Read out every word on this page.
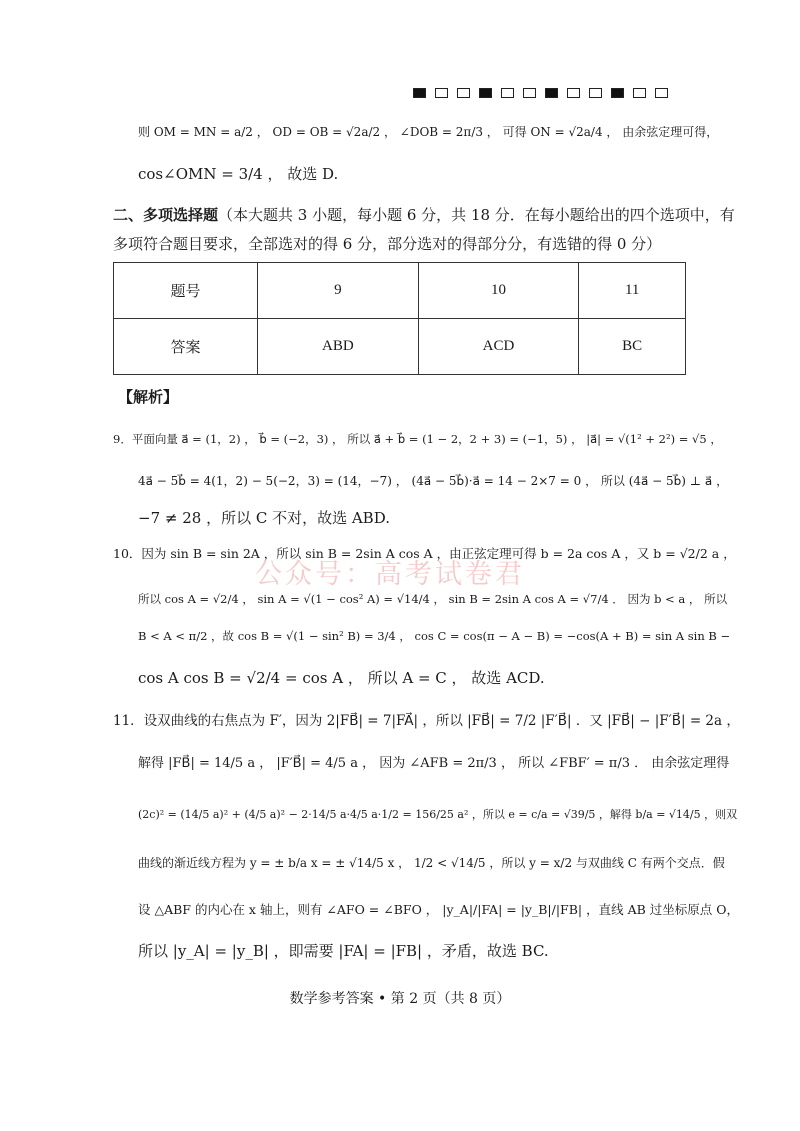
则 OM = MN = a/2 ， OD = OB = √2a/2 ， ∠DOB = 2π/3 ， 可得 ON = √2a/4 ， 由余弦定理可得，
cos∠OMN = 3/4 ， 故选 D.
二、多项选择题（本大题共 3 小题，每小题 6 分，共 18 分．在每小题给出的四个选项中，有
多项符合题目要求，全部选对的得 6 分，部分选对的得部分分，有选错的得 0 分）
题号	9	10	11
答案	ABD	ACD	BC
【解析】
9．平面向量 a⃗ = (1，2) ， b⃗ = (−2，3) ， 所以 a⃗ + b⃗ = (1 − 2，2 + 3) = (−1，5) ， |a⃗| = √(1² + 2²) = √5 ，
4a⃗ − 5b⃗ = 4(1，2) − 5(−2，3) = (14，−7) ， (4a⃗ − 5b⃗)·a⃗ = 14 − 2×7 = 0 ， 所以 (4a⃗ − 5b⃗) ⊥ a⃗ ，
−7 ≠ 28 ，所以 C 不对，故选 ABD.
10．因为 sin B = sin 2A ，所以 sin B = 2sin A cos A ，由正弦定理可得 b = 2a cos A ，又 b = √2/2 a ，
所以 cos A = √2/4 ， sin A = √(1 − cos² A) = √14/4 ， sin B = 2sin A cos A = √7/4 ． 因为 b < a ， 所以
B < A < π/2 ，故 cos B = √(1 − sin² B) = 3/4 ， cos C = cos(π − A − B) = −cos(A + B) = sin A sin B −
cos A cos B = √2/4 = cos A ， 所以 A = C ， 故选 ACD.
11．设双曲线的右焦点为 F′，因为 2|FB⃗| = 7|FA⃗| ，所以 |FB⃗| = 7/2 |F′B⃗| ．又 |FB⃗| − |F′B⃗| = 2a ，
解得 |FB⃗| = 14/5 a ， |F′B⃗| = 4/5 a ， 因为 ∠AFB = 2π/3 ， 所以 ∠FBF′ = π/3 ． 由余弦定理得
(2c)² = (14/5 a)² + (4/5 a)² − 2·14/5 a·4/5 a·1/2 = 156/25 a² ，所以 e = c/a = √39/5 ，解得 b/a = √14/5 ，则双
曲线的渐近线方程为 y = ± b/a x = ± √14/5 x ， 1/2 < √14/5 ，所以 y = x/2 与双曲线 C 有两个交点．假
设 △ABF 的内心在 x 轴上，则有 ∠AFO = ∠BFO ， |y_A|/|FA| = |y_B|/|FB| ，直线 AB 过坐标原点 O，
所以 |y_A| = |y_B| ，即需要 |FA| = |FB| ，矛盾，故选 BC.
公众号：高考试卷君
数学参考答案 • 第 2 页（共 8 页）
